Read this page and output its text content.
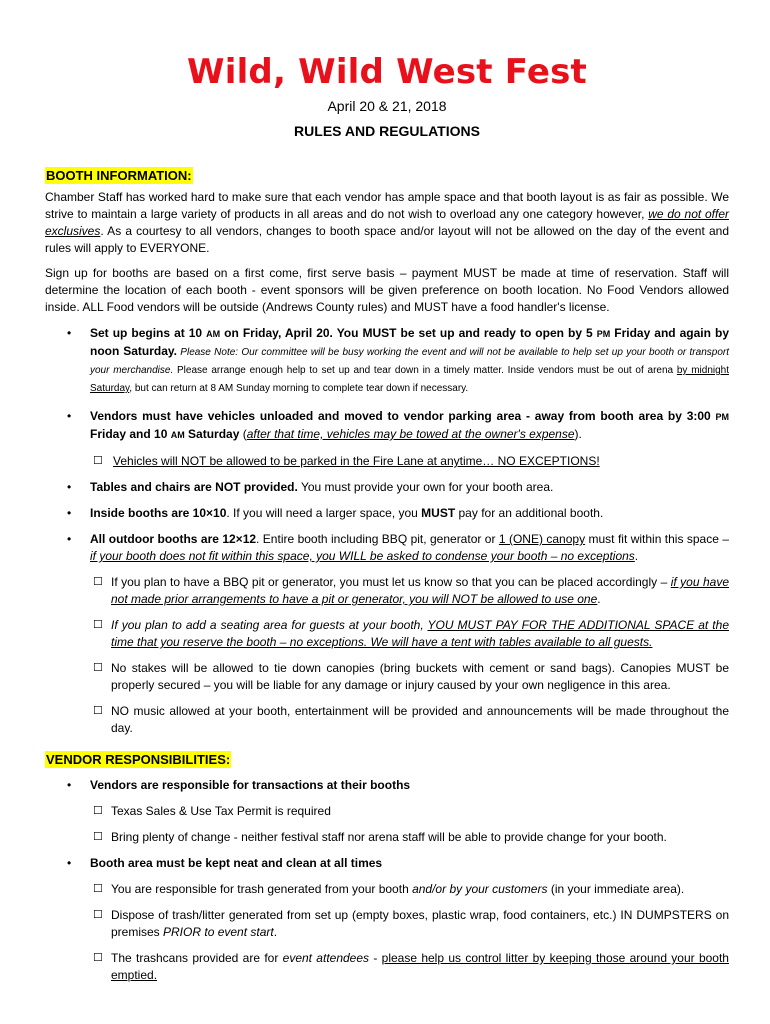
Wild, Wild West Fest
April 20 & 21, 2018
RULES AND REGULATIONS
BOOTH INFORMATION:

Chamber Staff has worked hard to make sure that each vendor has ample space and that booth layout is as fair as possible. We strive to maintain a large variety of products in all areas and do not wish to overload any one category however, we do not offer exclusives. As a courtesy to all vendors, changes to booth space and/or layout will not be allowed on the day of the event and rules will apply to EVERYONE.

Sign up for booths are based on a first come, first serve basis – payment MUST be made at time of reservation. Staff will determine the location of each booth - event sponsors will be given preference on booth location. No Food Vendors allowed inside. ALL Food vendors will be outside (Andrews County rules) and MUST have a food handler's license.

• Set up begins at 10 AM on Friday, April 20. You MUST be set up and ready to open by 5 PM Friday and again by noon Saturday. Please Note: Our committee will be busy working the event and will not be available to help set up your booth or transport your merchandise. Please arrange enough help to set up and tear down in a timely matter. Inside vendors must be out of arena by midnight Saturday, but can return at 8 AM Sunday morning to complete tear down if necessary.
• Vendors must have vehicles unloaded and moved to vendor parking area - away from booth area by 3:00 PM Friday and 10 AM Saturday (after that time, vehicles may be towed at the owner's expense).
☐ Vehicles will NOT be allowed to be parked in the Fire Lane at anytime… NO EXCEPTIONS!
• Tables and chairs are NOT provided. You must provide your own for your booth area.
• Inside booths are 10×10. If you will need a larger space, you MUST pay for an additional booth.
• All outdoor booths are 12×12. Entire booth including BBQ pit, generator or 1 (ONE) canopy must fit within this space – if your booth does not fit within this space, you WILL be asked to condense your booth – no exceptions.
☐ If you plan to have a BBQ pit or generator, you must let us know so that you can be placed accordingly – if you have not made prior arrangements to have a pit or generator, you will NOT be allowed to use one.
☐ If you plan to add a seating area for guests at your booth, YOU MUST PAY FOR THE ADDITIONAL SPACE at the time that you reserve the booth – no exceptions. We will have a tent with tables available to all guests.
☐ No stakes will be allowed to tie down canopies (bring buckets with cement or sand bags). Canopies MUST be properly secured – you will be liable for any damage or injury caused by your own negligence in this area.
☐ NO music allowed at your booth, entertainment will be provided and announcements will be made throughout the day.
VENDOR RESPONSIBILITIES:
• Vendors are responsible for transactions at their booths
☐ Texas Sales & Use Tax Permit is required
☐ Bring plenty of change - neither festival staff nor arena staff will be able to provide change for your booth.
• Booth area must be kept neat and clean at all times
☐ You are responsible for trash generated from your booth and/or by your customers (in your immediate area).
☐ Dispose of trash/litter generated from set up (empty boxes, plastic wrap, food containers, etc.) IN DUMPSTERS on premises PRIOR to event start.
☐ The trashcans provided are for event attendees - please help us control litter by keeping those around your booth emptied.
